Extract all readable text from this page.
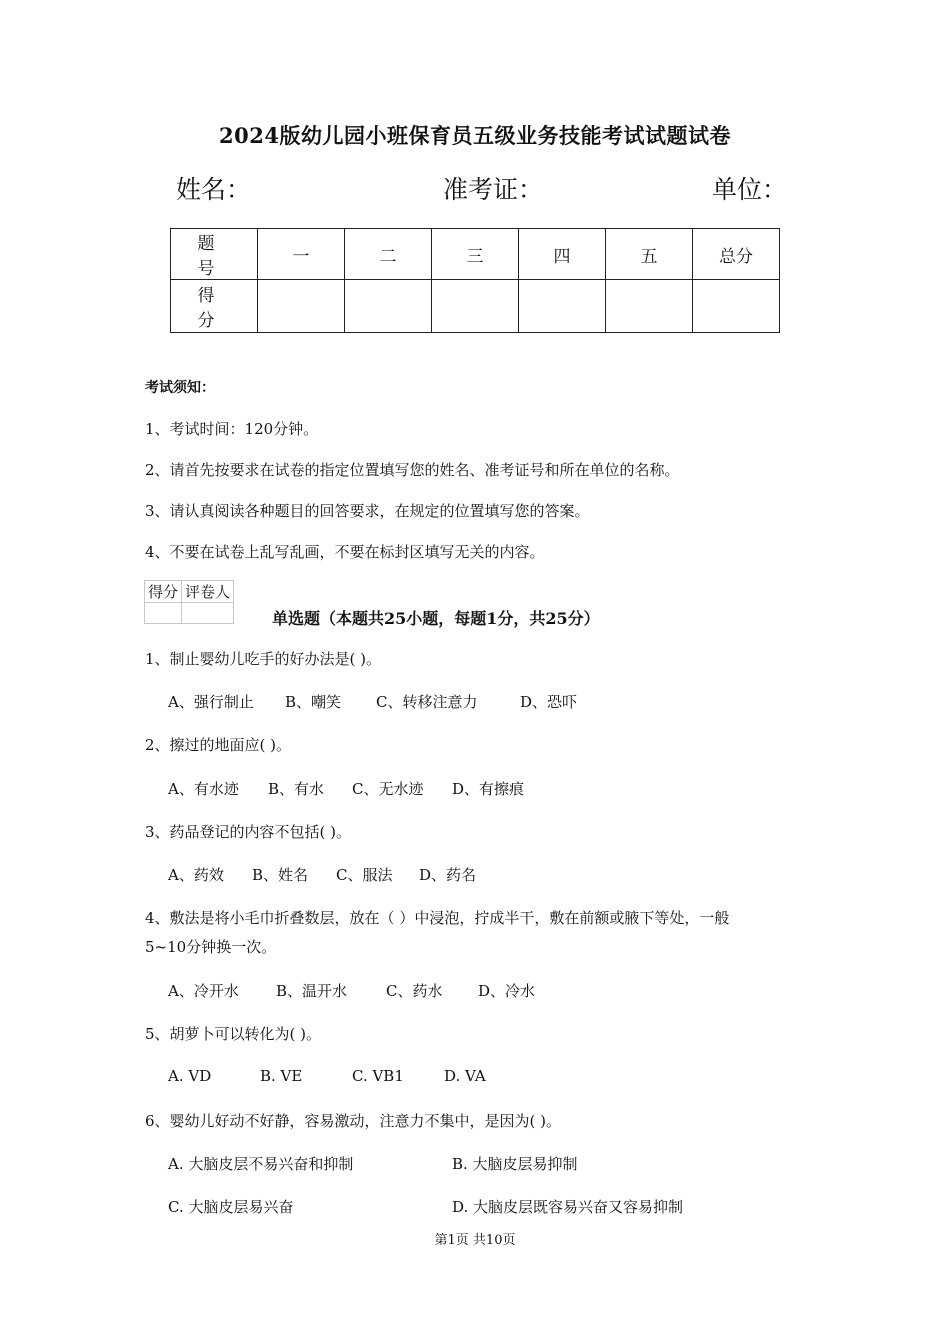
2024版幼儿园小班保育员五级业务技能考试试题试卷
姓名：	准考证：	单位：
题 号	一	二	三	四	五	总分
得 分						
考试须知：
1、考试时间：120分钟。
2、请首先按要求在试卷的指定位置填写您的姓名、准考证号和所在单位的名称。
3、请认真阅读各种题目的回答要求，在规定的位置填写您的答案。
4、不要在试卷上乱写乱画，不要在标封区填写无关的内容。
得分	评卷人

单选题（本题共25小题，每题1分，共25分）
1、制止婴幼儿吃手的好办法是( )。
A、强行制止 B、嘲笑 C、转移注意力	D、恐吓
2、擦过的地面应( )。
A、有水迹 B、有水 C、无水迹 D、有擦痕
3、药品登记的内容不包括( )。
A、药效 B、姓名 C、服法 D、药名
4、敷法是将小毛巾折叠数层，放在（ ）中浸泡，拧成半干，敷在前额或腋下等处，一般
5~10分钟换一次。
A、冷开水 B、温开水	C、药水 D、冷水
5、胡萝卜可以转化为( )。
A. VD	B. VE	C. VB1	D. VA
6、婴幼儿好动不好静，容易激动，注意力不集中，是因为( )。
A. 大脑皮层不易兴奋和抑制	B. 大脑皮层易抑制
C. 大脑皮层易兴奋	D. 大脑皮层既容易兴奋又容易抑制
第1页 共10页
